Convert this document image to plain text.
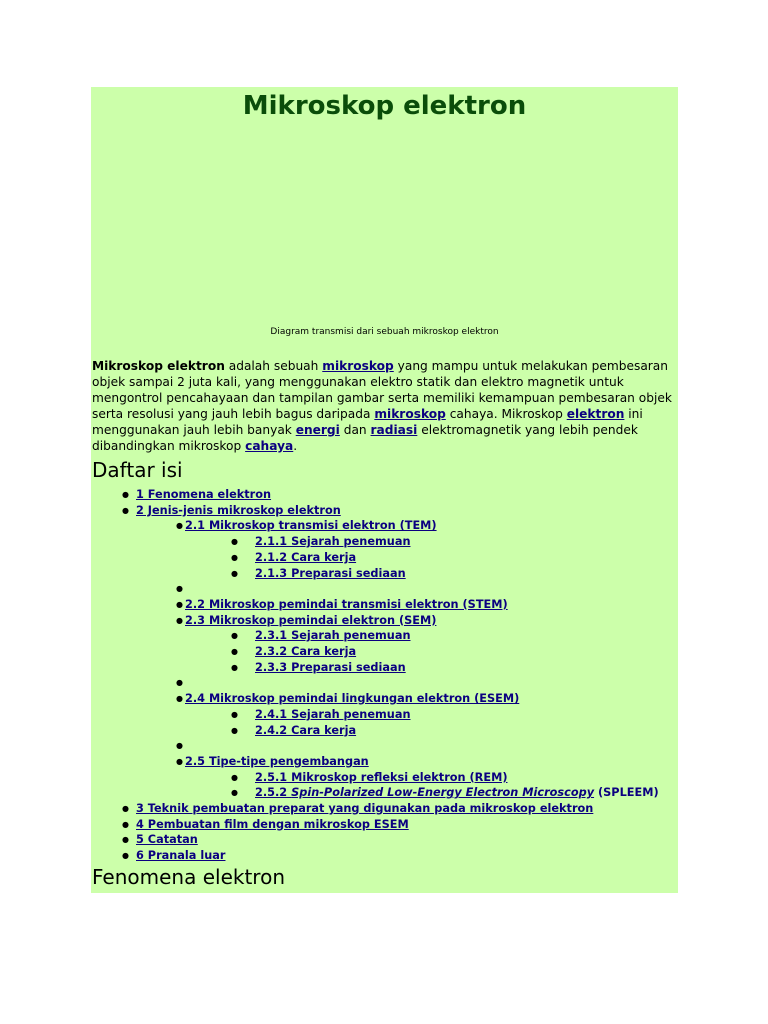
Mikroskop elektron
Diagram transmisi dari sebuah mikroskop elektron

Mikroskop elektron adalah sebuah mikroskop yang mampu untuk melakukan pembesaran objek sampai 2 juta kali, yang menggunakan elektro statik dan elektro magnetik untuk mengontrol pencahayaan dan tampilan gambar serta memiliki kemampuan pembesaran objek serta resolusi yang jauh lebih bagus daripada mikroskop cahaya. Mikroskop elektron ini menggunakan jauh lebih banyak energi dan radiasi elektromagnetik yang lebih pendek dibandingkan mikroskop cahaya.

Daftar isi
● 1 Fenomena elektron
● 2 Jenis-jenis mikroskop elektron
● 2.1 Mikroskop transmisi elektron (TEM)
● 2.1.1 Sejarah penemuan
● 2.1.2 Cara kerja
● 2.1.3 Preparasi sediaan
●
● 2.2 Mikroskop pemindai transmisi elektron (STEM)
● 2.3 Mikroskop pemindai elektron (SEM)
● 2.3.1 Sejarah penemuan
● 2.3.2 Cara kerja
● 2.3.3 Preparasi sediaan
●
● 2.4 Mikroskop pemindai lingkungan elektron (ESEM)
● 2.4.1 Sejarah penemuan
● 2.4.2 Cara kerja
●
● 2.5 Tipe-tipe pengembangan
● 2.5.1 Mikroskop refleksi elektron (REM)
● 2.5.2 Spin-Polarized Low-Energy Electron Microscopy (SPLEEM)
● 3 Teknik pembuatan preparat yang digunakan pada mikroskop elektron
● 4 Pembuatan film dengan mikroskop ESEM
● 5 Catatan
● 6 Pranala luar
Fenomena elektron
